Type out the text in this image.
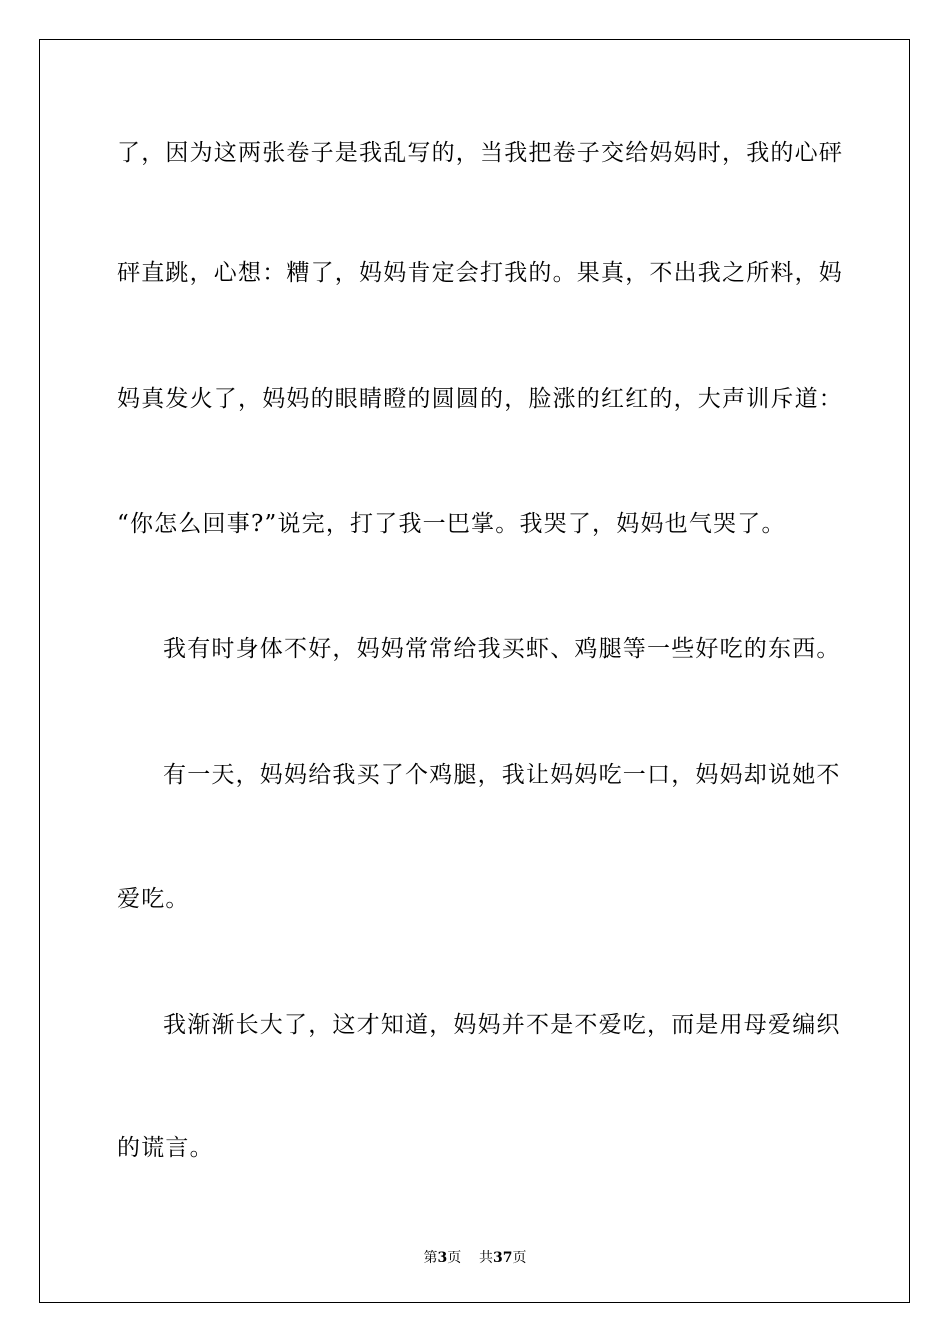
了，因为这两张卷子是我乱写的，当我把卷子交给妈妈时，我的心砰
砰直跳，心想：糟了，妈妈肯定会打我的。果真，不出我之所料，妈
妈真发火了，妈妈的眼睛瞪的圆圆的，脸涨的红红的，大声训斥道：
“你怎么回事?”说完，打了我一巴掌。我哭了，妈妈也气哭了。
我有时身体不好，妈妈常常给我买虾、鸡腿等一些好吃的东西。
有一天，妈妈给我买了个鸡腿，我让妈妈吃一口，妈妈却说她不
爱吃。
我渐渐长大了，这才知道，妈妈并不是不爱吃，而是用母爱编织
的谎言。
第3页 共37页
